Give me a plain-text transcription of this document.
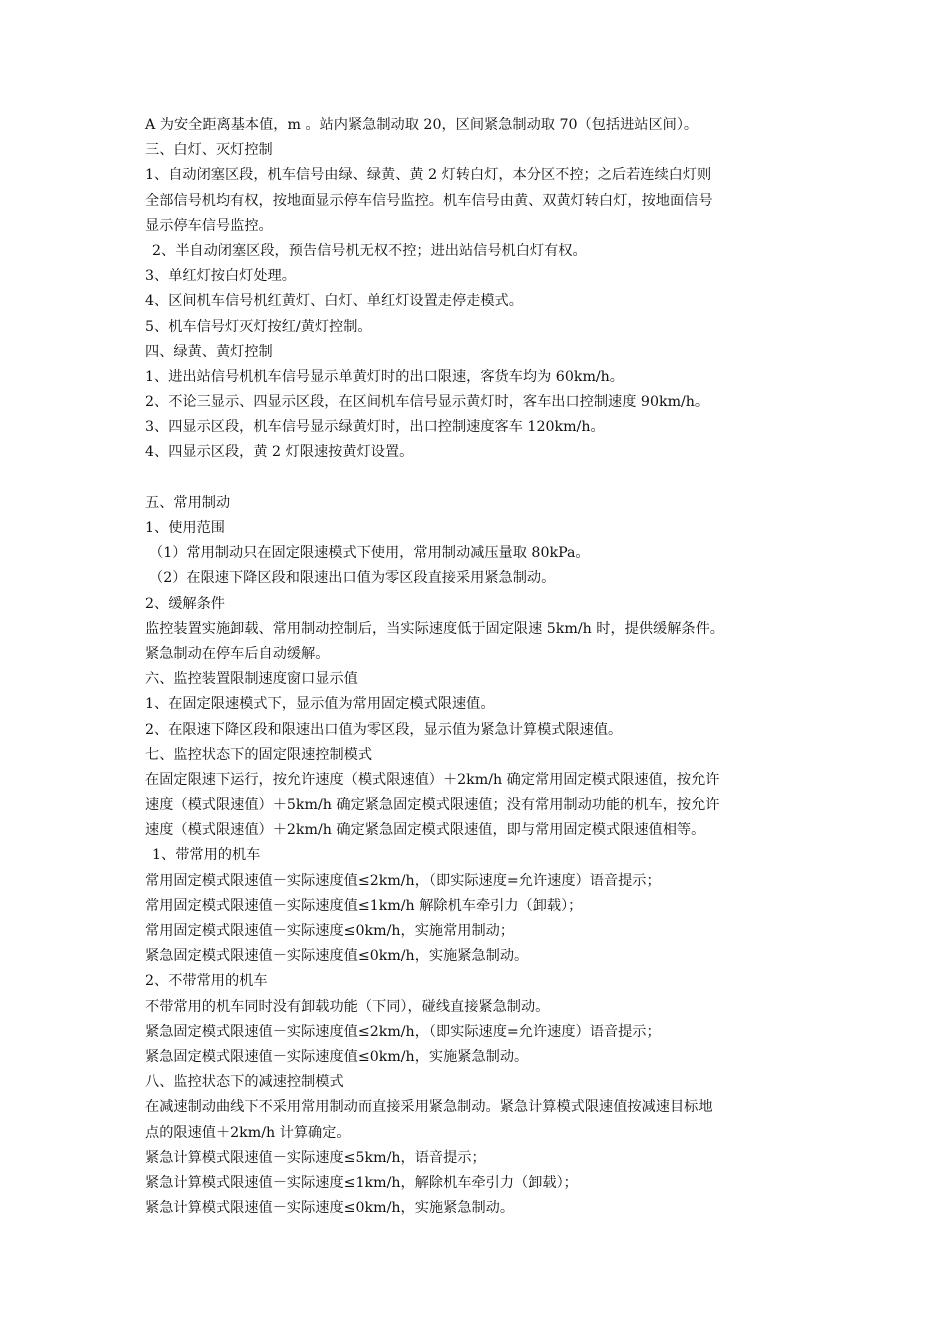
A 为安全距离基本值，m 。站内紧急制动取 20，区间紧急制动取 70（包括进站区间）。
三、白灯、灭灯控制
1、自动闭塞区段，机车信号由绿、绿黄、黄 2 灯转白灯，本分区不控；之后若连续白灯则
全部信号机均有权，按地面显示停车信号监控。机车信号由黄、双黄灯转白灯，按地面信号
显示停车信号监控。
2、半自动闭塞区段，预告信号机无权不控；进出站信号机白灯有权。
3、单红灯按白灯处理。
4、区间机车信号机红黄灯、白灯、单红灯设置走停走模式。
5、机车信号灯灭灯按红/黄灯控制。
四、绿黄、黄灯控制
1、进出站信号机机车信号显示单黄灯时的出口限速，客货车均为 60km/h。
2、不论三显示、四显示区段，在区间机车信号显示黄灯时，客车出口控制速度 90km/h。
3、四显示区段，机车信号显示绿黄灯时，出口控制速度客车 120km/h。
4、四显示区段，黄 2 灯限速按黄灯设置。
五、常用制动
1、使用范围
（1）常用制动只在固定限速模式下使用，常用制动减压量取 80kPa。
（2）在限速下降区段和限速出口值为零区段直接采用紧急制动。
2、缓解条件
监控装置实施卸载、常用制动控制后，当实际速度低于固定限速 5km/h 时，提供缓解条件。
紧急制动在停车后自动缓解。
六、监控装置限制速度窗口显示值
1、在固定限速模式下，显示值为常用固定模式限速值。
2、在限速下降区段和限速出口值为零区段，显示值为紧急计算模式限速值。
七、监控状态下的固定限速控制模式
在固定限速下运行，按允许速度（模式限速值）＋2km/h 确定常用固定模式限速值，按允许
速度（模式限速值）＋5km/h 确定紧急固定模式限速值；没有常用制动功能的机车，按允许
速度（模式限速值）＋2km/h 确定紧急固定模式限速值，即与常用固定模式限速值相等。
1、带常用的机车
常用固定模式限速值－实际速度值≤2km/h，（即实际速度=允许速度）语音提示；
常用固定模式限速值－实际速度值≤1km/h 解除机车牵引力（卸载）；
常用固定模式限速值－实际速度≤0km/h，实施常用制动；
紧急固定模式限速值－实际速度值≤0km/h，实施紧急制动。
2、不带常用的机车
不带常用的机车同时没有卸载功能（下同），碰线直接紧急制动。
紧急固定模式限速值－实际速度值≤2km/h，（即实际速度=允许速度）语音提示；
紧急固定模式限速值－实际速度值≤0km/h，实施紧急制动。
八、监控状态下的减速控制模式
在减速制动曲线下不采用常用制动而直接采用紧急制动。紧急计算模式限速值按减速目标地
点的限速值＋2km/h 计算确定。
紧急计算模式限速值－实际速度≤5km/h，语音提示；
紧急计算模式限速值－实际速度≤1km/h，解除机车牵引力（卸载）；
紧急计算模式限速值－实际速度≤0km/h，实施紧急制动。
